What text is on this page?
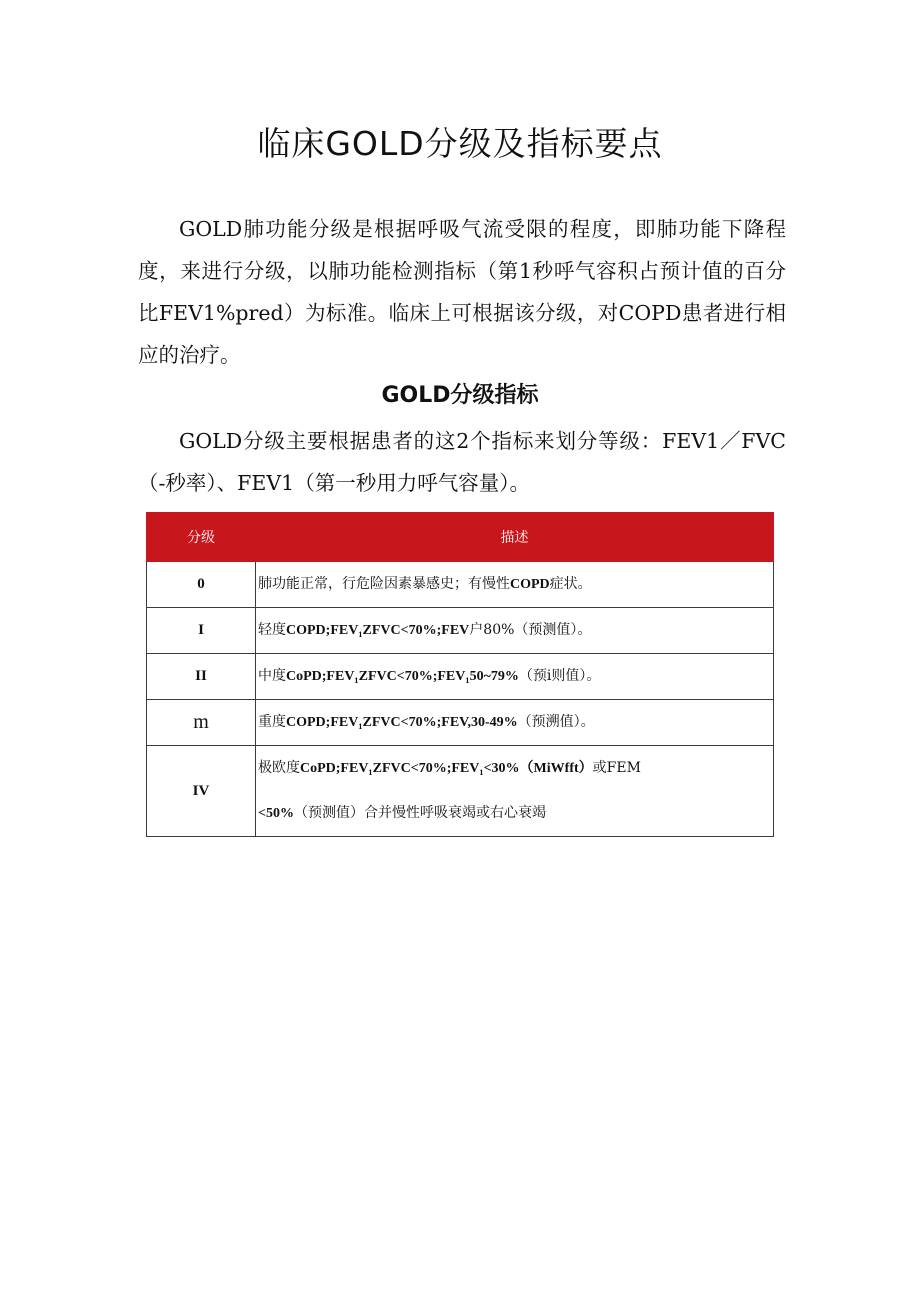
临床GOLD分级及指标要点

GOLD肺功能分级是根据呼吸气流受限的程度，即肺功能下降程度，来进行分级，以肺功能检测指标（第1秒呼气容积占预计值的百分比FEV1%pred）为标准。临床上可根据该分级，对COPD患者进行相应的治疗。

GOLD分级指标

GOLD分级主要根据患者的这2个指标来划分等级：FEV1／FVC（-秒率）、FEV1（第一秒用力呼气容量）。

分级	描述
0	肺功能正常，行危险因素暴感史；有慢性COPD症状。
I	轻度COPD;FEV₁ZFVC<70%;FEV户80%（预测值）。
II	中度CoPD;FEV₁ZFVC<70%;FEV₁50~79%（预i则值）。
m	重度COPD;FEV₁ZFVC<70%;FEV,30-49%（预溯值）。
IV	极欧度CoPD;FEV₁ZFVC<70%;FEV₁<30%（MiWfft）或FEM
<50%（预测值）合并慢性呼吸衰竭或右心衰竭
